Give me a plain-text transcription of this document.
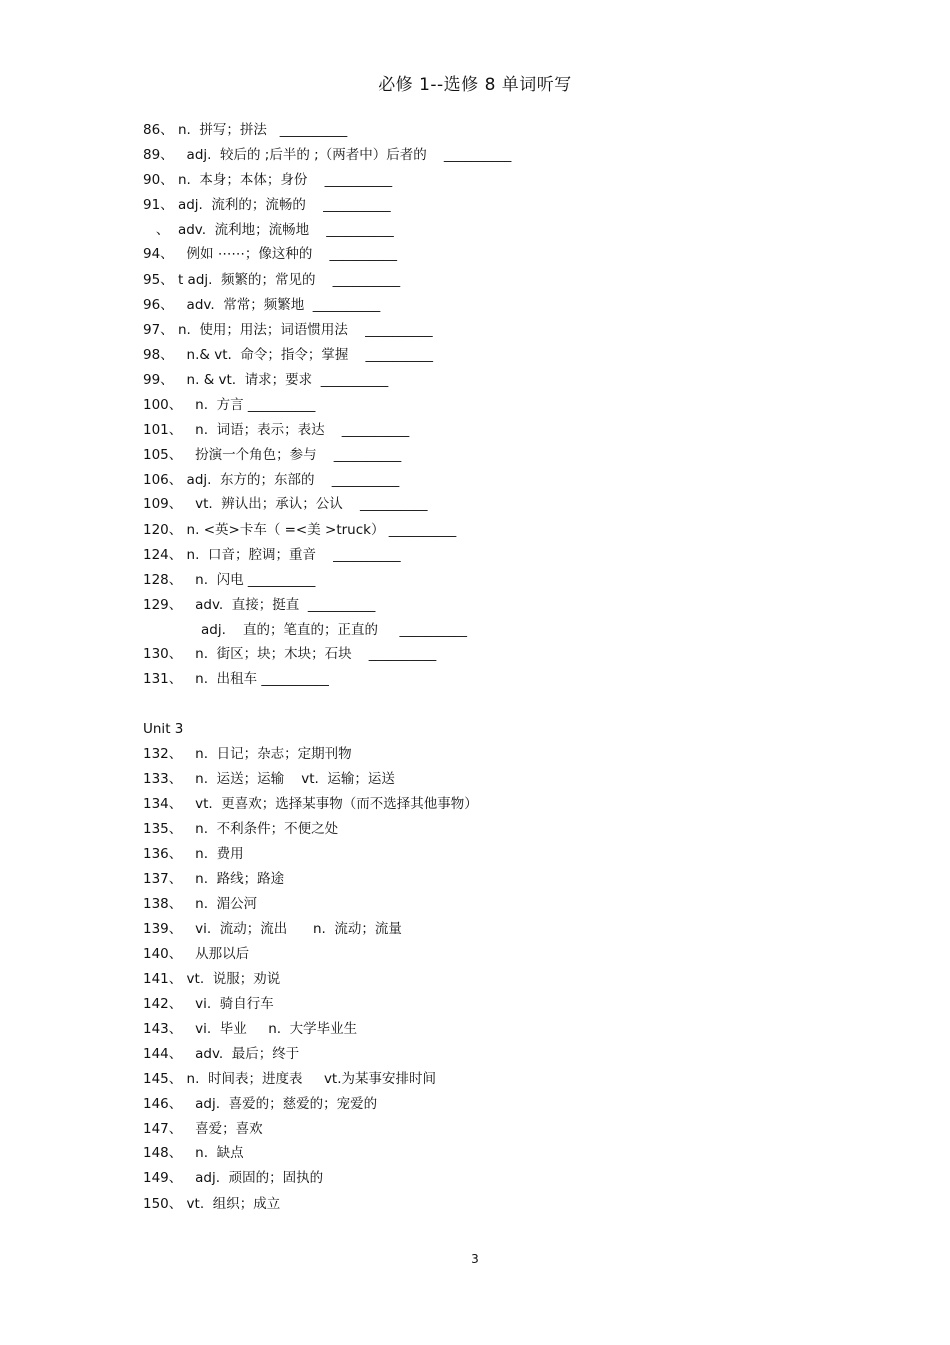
必修 1--选修 8 单词听写
86、 n.  拼写；拼法   __________
89、   adj.  较后的 ;后半的 ;（两者中）后者的    __________
90、 n.  本身；本体；身份    __________
91、 adj.  流利的；流畅的    __________
、  adv.  流利地；流畅地    __________
94、   例如 ⋯⋯；像这种的    __________
95、 t adj.  频繁的；常见的    __________
96、   adv.  常常；频繁地  __________
97、 n.  使用；用法；词语惯用法    __________
98、   n.& vt.  命令；指令；掌握    __________
99、   n. & vt.  请求；要求  __________
100、   n.  方言 __________
101、   n.  词语；表示；表达    __________
105、   扮演一个角色；参与    __________
106、 adj.  东方的；东部的    __________
109、   vt.  辨认出；承认；公认    __________
120、 n. <英>卡车（ =<美 >truck） __________
124、 n.  口音；腔调；重音    __________
128、   n.  闪电 __________
129、   adv.  直接；挺直  __________
adj.    直的；笔直的；正直的     __________
130、   n.  街区；块；木块；石块    __________
131、   n.  出租车 __________
Unit 3
132、   n.  日记；杂志；定期刊物
133、   n.  运送；运输    vt.  运输；运送
134、   vt.  更喜欢；选择某事物（而不选择其他事物）
135、   n.  不利条件；不便之处
136、   n.  费用
137、   n.  路线；路途
138、   n.  湄公河
139、   vi.  流动；流出      n.  流动；流量
140、   从那以后
141、 vt.  说服；劝说
142、   vi.  骑自行车
143、   vi.  毕业     n.  大学毕业生
144、   adv.  最后；终于
145、 n.  时间表；进度表     vt.为某事安排时间
146、   adj.  喜爱的；慈爱的；宠爱的
147、   喜爱；喜欢
148、   n.  缺点
149、   adj.  顽固的；固执的
150、 vt.  组织；成立
3
